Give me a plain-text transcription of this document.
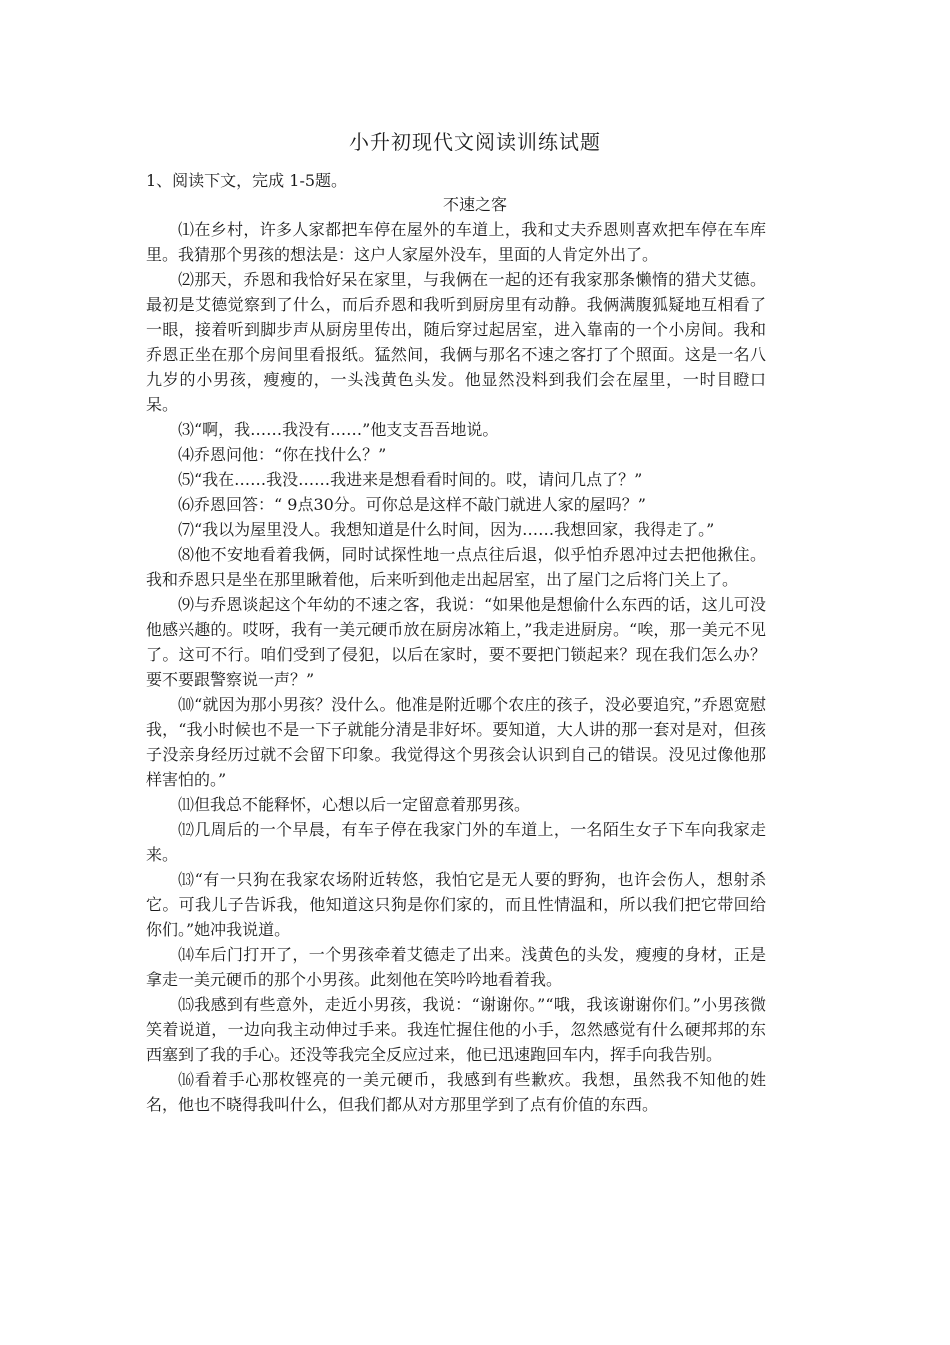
小升初现代文阅读训练试题
1、阅读下文，完成 1-5题。
不速之客

⑴在乡村，许多人家都把车停在屋外的车道上，我和丈夫乔恩则喜欢把车停在车库里。我猜那个男孩的想法是：这户人家屋外没车，里面的人肯定外出了。

⑵那天，乔恩和我恰好呆在家里，与我俩在一起的还有我家那条懒惰的猎犬艾德。最初是艾德觉察到了什么，而后乔恩和我听到厨房里有动静。我俩满腹狐疑地互相看了一眼，接着听到脚步声从厨房里传出，随后穿过起居室，进入靠南的一个小房间。我和乔恩正坐在那个房间里看报纸。猛然间，我俩与那名不速之客打了个照面。这是一名八九岁的小男孩，瘦瘦的，一头浅黄色头发。他显然没料到我们会在屋里，一时目瞪口呆。

⑶“啊，我……我没有……”他支支吾吾地说。

⑷乔恩问他：“你在找什么？”

⑸“我在……我没……我进来是想看看时间的。哎，请问几点了？”

⑹乔恩回答：“ 9点30分。可你总是这样不敲门就进人家的屋吗？”

⑺“我以为屋里没人。我想知道是什么时间，因为……我想回家，我得走了。”

⑻他不安地看着我俩，同时试探性地一点点往后退，似乎怕乔恩冲过去把他揪住。我和乔恩只是坐在那里瞅着他，后来听到他走出起居室，出了屋门之后将门关上了。

⑼与乔恩谈起这个年幼的不速之客，我说：“如果他是想偷什么东西的话，这儿可没他感兴趣的。哎呀，我有一美元硬币放在厨房冰箱上，”我走进厨房。“唉，那一美元不见了。这可不行。咱们受到了侵犯，以后在家时，要不要把门锁起来？现在我们怎么办？要不要跟警察说一声？”

⑽“就因为那小男孩？没什么。他准是附近哪个农庄的孩子，没必要追究，”乔恩宽慰我，“我小时候也不是一下子就能分清是非好坏。要知道，大人讲的那一套对是对，但孩子没亲身经历过就不会留下印象。我觉得这个男孩会认识到自己的错误。没见过像他那样害怕的。”

⑾但我总不能释怀，心想以后一定留意着那男孩。

⑿几周后的一个早晨，有车子停在我家门外的车道上，一名陌生女子下车向我家走来。

⒀“有一只狗在我家农场附近转悠，我怕它是无人要的野狗，也许会伤人，想射杀它。可我儿子告诉我，他知道这只狗是你们家的，而且性情温和，所以我们把它带回给你们。”她冲我说道。

⒁车后门打开了，一个男孩牵着艾德走了出来。浅黄色的头发，瘦瘦的身材，正是拿走一美元硬币的那个小男孩。此刻他在笑吟吟地看着我。

⒂我感到有些意外，走近小男孩，我说：“谢谢你。”“哦，我该谢谢你们。”小男孩微笑着说道，一边向我主动伸过手来。我连忙握住他的小手，忽然感觉有什么硬邦邦的东西塞到了我的手心。还没等我完全反应过来，他已迅速跑回车内，挥手向我告别。

⒃看着手心那枚铿亮的一美元硬币，我感到有些歉疚。我想，虽然我不知他的姓名，他也不晓得我叫什么，但我们都从对方那里学到了点有价值的东西。
